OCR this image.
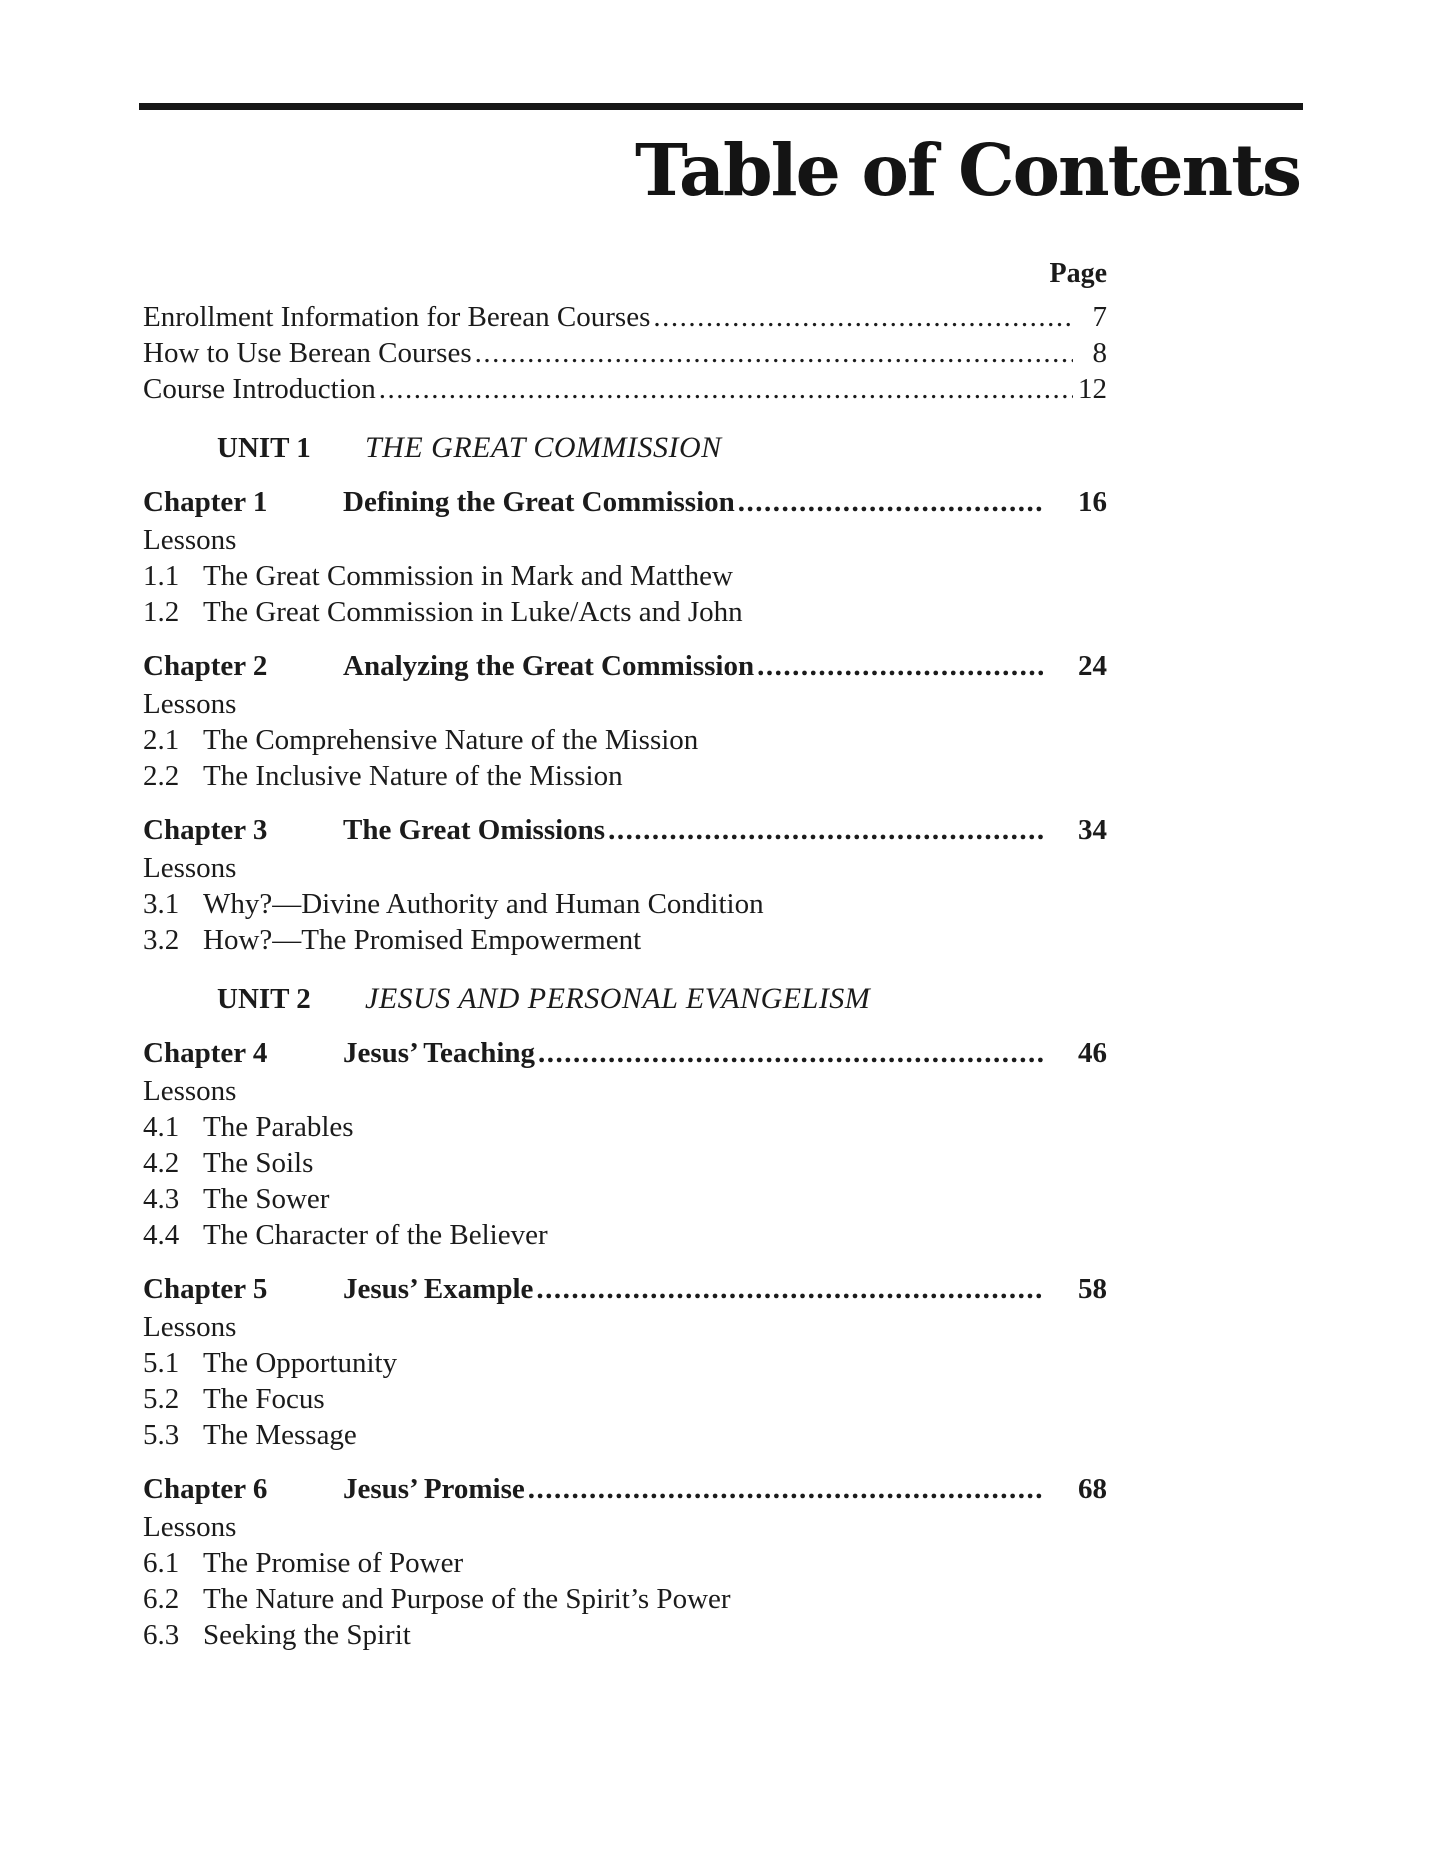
Table of Contents
Page
Enrollment Information for Berean Courses .....	7
How to Use Berean Courses .....	8
Course Introduction .....	12
UNIT 1	THE GREAT COMMISSION
Chapter 1	Defining the Great Commission .....	16
Lessons
1.1 The Great Commission in Mark and Matthew
1.2 The Great Commission in Luke/Acts and John
Chapter 2	Analyzing the Great Commission .....	24
Lessons
2.1 The Comprehensive Nature of the Mission
2.2 The Inclusive Nature of the Mission
Chapter 3	The Great Omissions .....	34
Lessons
3.1 Why?—Divine Authority and Human Condition
3.2 How?—The Promised Empowerment
UNIT 2	JESUS AND PERSONAL EVANGELISM
Chapter 4	Jesus’ Teaching .....	46
Lessons
4.1 The Parables
4.2 The Soils
4.3 The Sower
4.4 The Character of the Believer
Chapter 5	Jesus’ Example .....	58
Lessons
5.1 The Opportunity
5.2 The Focus
5.3 The Message
Chapter 6	Jesus’ Promise .....	68
Lessons
6.1 The Promise of Power
6.2 The Nature and Purpose of the Spirit’s Power
6.3 Seeking the Spirit
